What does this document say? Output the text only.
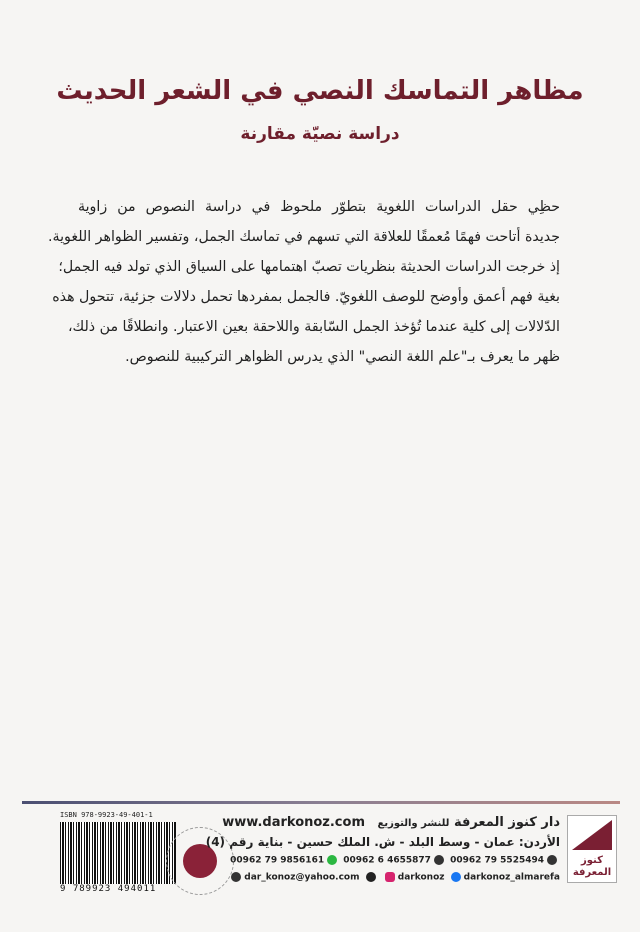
مظاهر التماسك النصي في الشعر الحديث
دراسة نصيّة مقارنة
حظِي حقل الدراسات اللغوية بتطوّر ملحوظ في دراسة النصوص من زاوية
جديدة أتاحت فهمًا مُعمقًا للعلاقة التي تسهم في تماسك الجمل، وتفسير الظواهر اللغوية.
إذ خرجت الدراسات الحديثة بنظريات تصبّ اهتمامها على السياق الذي تولد فيه الجمل؛
بغية فهم أعمق وأوضح للوصف اللغويّ. فالجمل بمفردها تحمل دلالات جزئية، تتحول هذه
الدّلالات إلى كلية عندما تُؤخذ الجمل السّابقة واللاحقة بعين الاعتبار. وانطلاقًا من ذلك،
ظهر ما يعرف بـ"علم اللغة النصي" الذي يدرس الظواهر التركيبية للنصوص.
ISBN 978-9923-49-401-1
9 789923 494011
دار كنوز المعرفة للنشر والتوزيع www.darkonoz.com
الأردن: عمان - وسط البلد - ش. الملك حسين - بناية رقم (4)
00962 79 9856161 00962 6 4655877 00962 79 5525494
dar_konoz@yahoo.com	darkonoz darkonoz_almarefa
كنوز
المعرفة
